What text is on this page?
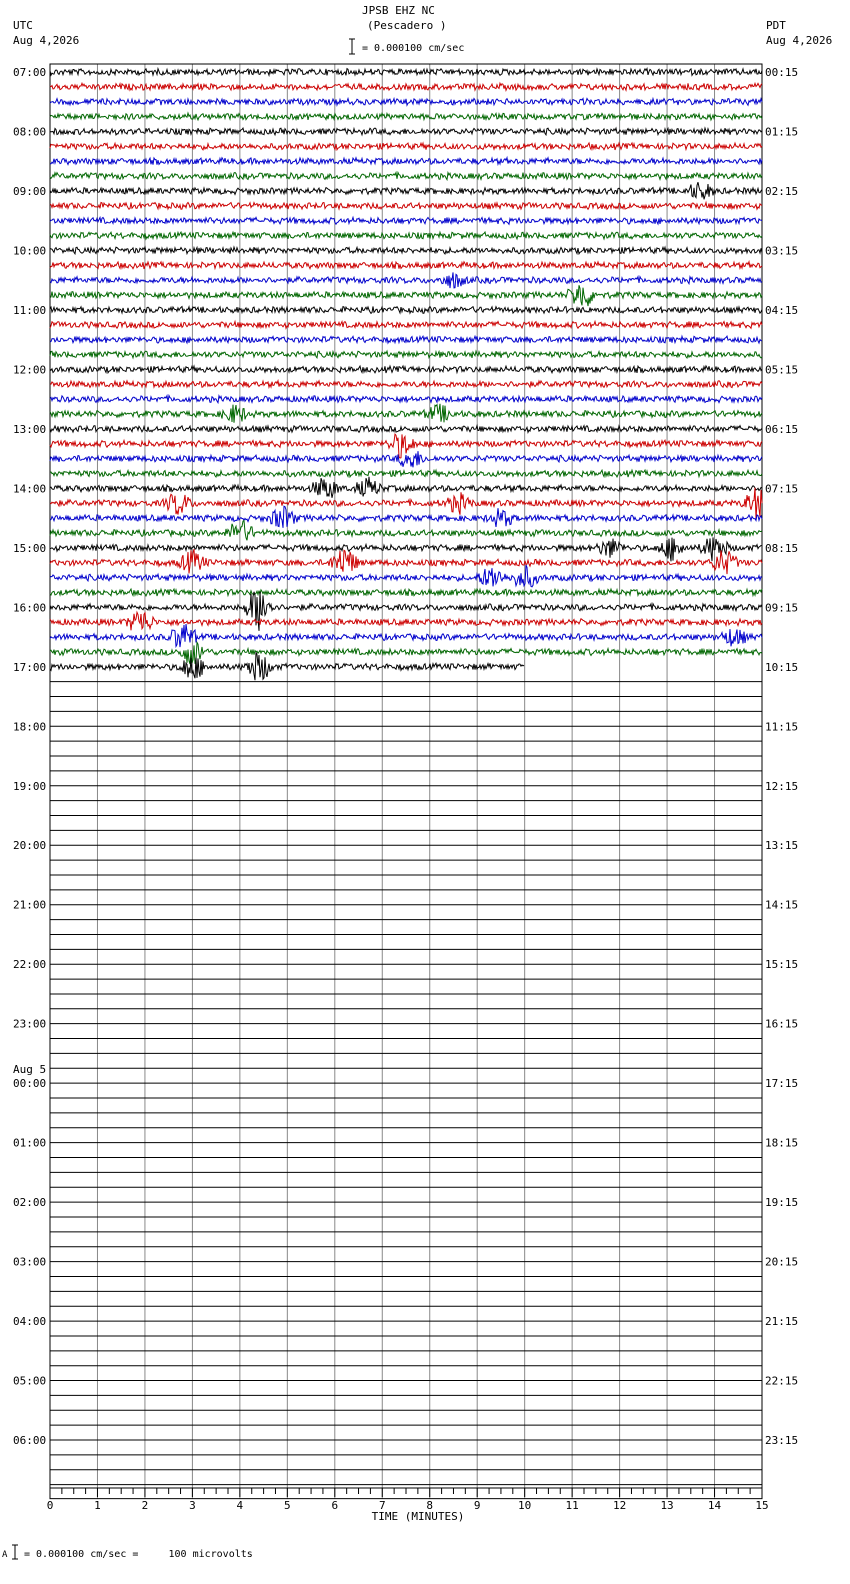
JPSB EHZ NC
(Pescadero )
UTC
Aug 4,2026
PDT
Aug 4,2026
= 0.000100 cm/sec
07:00
08:00
09:00
10:00
11:00
12:00
13:00
14:00
15:00
16:00
17:00
18:00
19:00
20:00
21:00
22:00
23:00
00:00
Aug 5
01:00
02:00
03:00
04:00
05:00
06:00
00:15
01:15
02:15
03:15
04:15
05:15
06:15
07:15
08:15
09:15
10:15
11:15
12:15
13:15
14:15
15:15
16:15
17:15
18:15
19:15
20:15
21:15
22:15
23:15
0	1	2	3	4	5	6	7	8	9	10	11	12	13	14	15
TIME (MINUTES)
A = 0.000100 cm/sec =     100 microvolts
